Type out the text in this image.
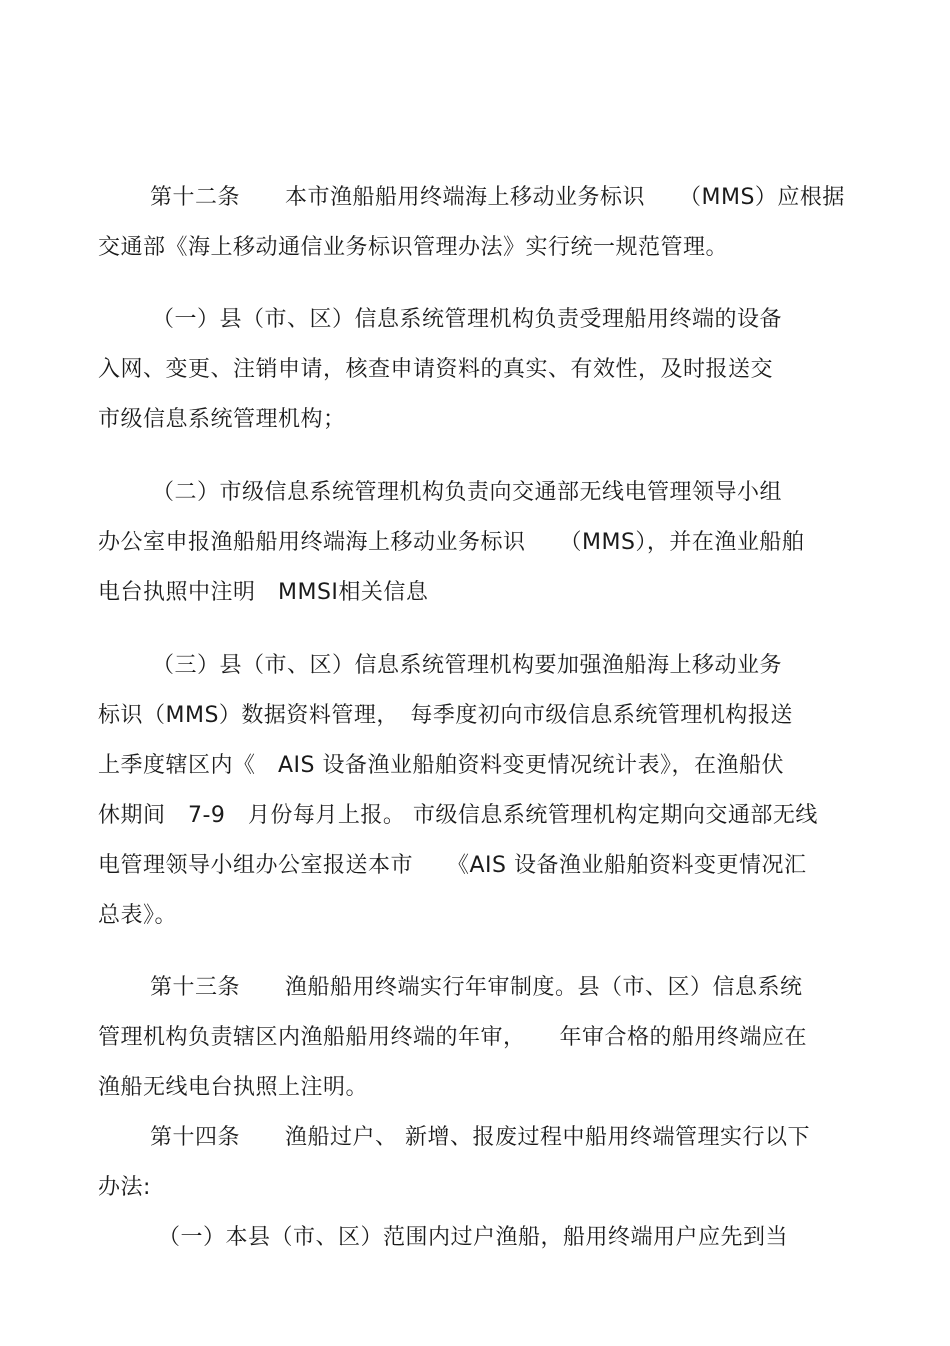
第十二条　　本市渔船船用终端海上移动业务标识　　（MMS）应根据
交通部《海上移动通信业务标识管理办法》实行统一规范管理。
（一）县（市、区）信息系统管理机构负责受理船用终端的设备
入网、变更、注销申请，核查申请资料的真实、有效性，及时报送交
市级信息系统管理机构；
（二）市级信息系统管理机构负责向交通部无线电管理领导小组
办公室申报渔船船用终端海上移动业务标识　　（MMS），并在渔业船舶
电台执照中注明　MMSI相关信息
（三）县（市、区）信息系统管理机构要加强渔船海上移动业务
标识（MMS）数据资料管理，　每季度初向市级信息系统管理机构报送
上季度辖区内《　AIS 设备渔业船舶资料变更情况统计表》，在渔船伏
休期间　7-9　月份每月上报。 市级信息系统管理机构定期向交通部无线
电管理领导小组办公室报送本市　　《AIS 设备渔业船舶资料变更情况汇
总表》。
第十三条　　渔船船用终端实行年审制度。县（市、区）信息系统
管理机构负责辖区内渔船船用终端的年审，　　年审合格的船用终端应在
渔船无线电台执照上注明。
第十四条　　渔船过户、 新增、报废过程中船用终端管理实行以下
办法:
（一）本县（市、区）范围内过户渔船，船用终端用户应先到当
